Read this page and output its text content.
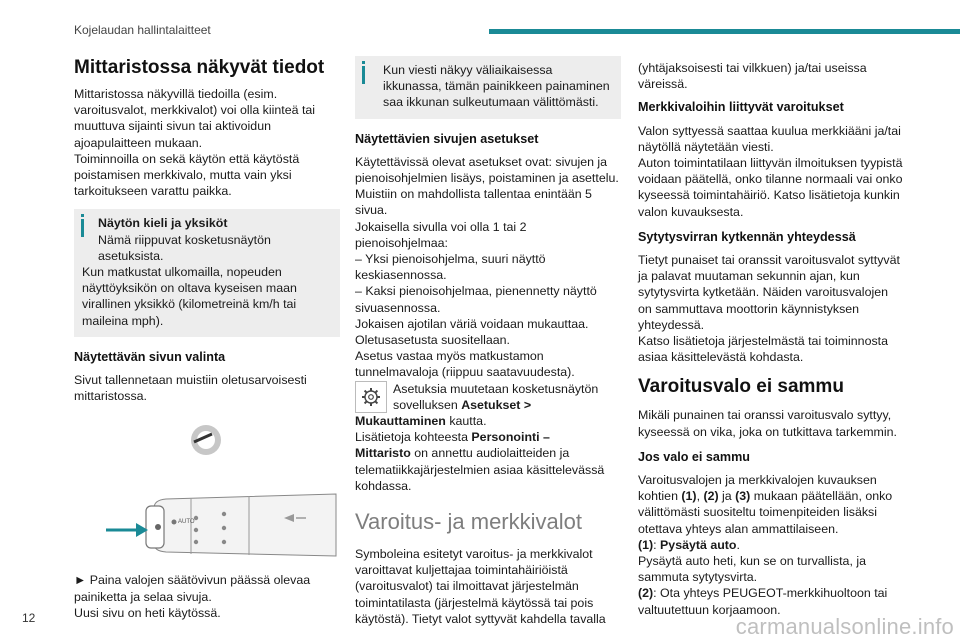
Kojelaudan hallintalaitteet
Mittaristossa näkyvät tiedot

Mittaristossa näkyvillä tiedoilla (esim. varoitusvalot, merkkivalot) voi olla kiinteä tai muuttuva sijainti sivun tai aktivoidun ajoapulaitteen mukaan.

Toiminnoilla on sekä käytön että käytöstä poistamisen merkkivalo, mutta vain yksi tarkoitukseen varattu paikka.

Näytön kieli ja yksiköt

Nämä riippuvat kosketusnäytön asetuksista.

Kun matkustat ulkomailla, nopeuden näyttöyksikön on oltava kyseisen maan virallinen yksikkö (kilometreinä km/h tai maileina mph).

Näytettävän sivun valinta

Sivut tallennetaan muistiin oletusarvoisesti mittaristossa.

AUTO

► Paina valojen säätövivun päässä olevaa painiketta ja selaa sivuja.

Uusi sivu on heti käytössä.

Kun viesti näkyy väliaikaisessa ikkunassa, tämän painikkeen painaminen saa ikkunan sulkeutumaan välittömästi.

Näytettävien sivujen asetukset

Käytettävissä olevat asetukset ovat: sivujen ja pienoisohjelmien lisäys, poistaminen ja asettelu.

Muistiin on mahdollista tallentaa enintään 5 sivua.

Jokaisella sivulla voi olla 1 tai 2 pienoisohjelmaa:

– Yksi pienoisohjelma, suuri näyttö keskiasennossa.

– Kaksi pienoisohjelmaa, pienennetty näyttö sivuasennossa.

Jokaisen ajotilan väriä voidaan mukauttaa.

Oletusasetusta suositellaan.

Asetus vastaa myös matkustamon tunnelmavaloja (riippuu saatavuudesta).

Asetuksia muutetaan kosketusnäytön sovelluksen Asetukset > Mukauttaminen kautta.

Lisätietoja kohteesta Personointi –
Mittaristo on annettu audiolaitteiden ja telematiikkajärjestelmien asiaa käsittelevässä kohdassa.

Varoitus- ja merkkivalot

Symboleina esitetyt varoitus- ja merkkivalot varoittavat kuljettajaa toimintahäiriöistä (varoitusvalot) tai ilmoittavat järjestelmän toimintatilasta (järjestelmä käytössä tai pois käytöstä). Tietyt valot syttyvät kahdella tavalla

(yhtäjaksoisesti tai vilkkuen) ja/tai useissa väreissä.

Merkkivaloihin liittyvät varoitukset

Valon syttyessä saattaa kuulua merkkiääni ja/tai näytöllä näytetään viesti.

Auton toimintatilaan liittyvän ilmoituksen tyypistä voidaan päätellä, onko tilanne normaali vai onko kyseessä toimintahäiriö. Katso lisätietoja kunkin valon kuvauksesta.

Sytytysvirran kytkennän yhteydessä

Tietyt punaiset tai oranssit varoitusvalot syttyvät ja palavat muutaman sekunnin ajan, kun sytytysvirta kytketään. Näiden varoitusvalojen on sammuttava moottorin käynnistyksen yhteydessä.

Katso lisätietoja järjestelmästä tai toiminnosta asiaa käsittelevästä kohdasta.

Varoitusvalo ei sammu

Mikäli punainen tai oranssi varoitusvalo syttyy, kyseessä on vika, joka on tutkittava tarkemmin.

Jos valo ei sammu

Varoitusvalojen ja merkkivalojen kuvauksen kohtien (1), (2) ja (3) mukaan päätellään, onko välittömästi suositeltu toimenpiteiden lisäksi otettava yhteys alan ammattilaiseen.

(1): Pysäytä auto.

Pysäytä auto heti, kun se on turvallista, ja sammuta sytytysvirta.

(2): Ota yhteys PEUGEOT-merkkihuoltoon tai valtuutettuun korjaamoon.

12	carmanualsonline.info
